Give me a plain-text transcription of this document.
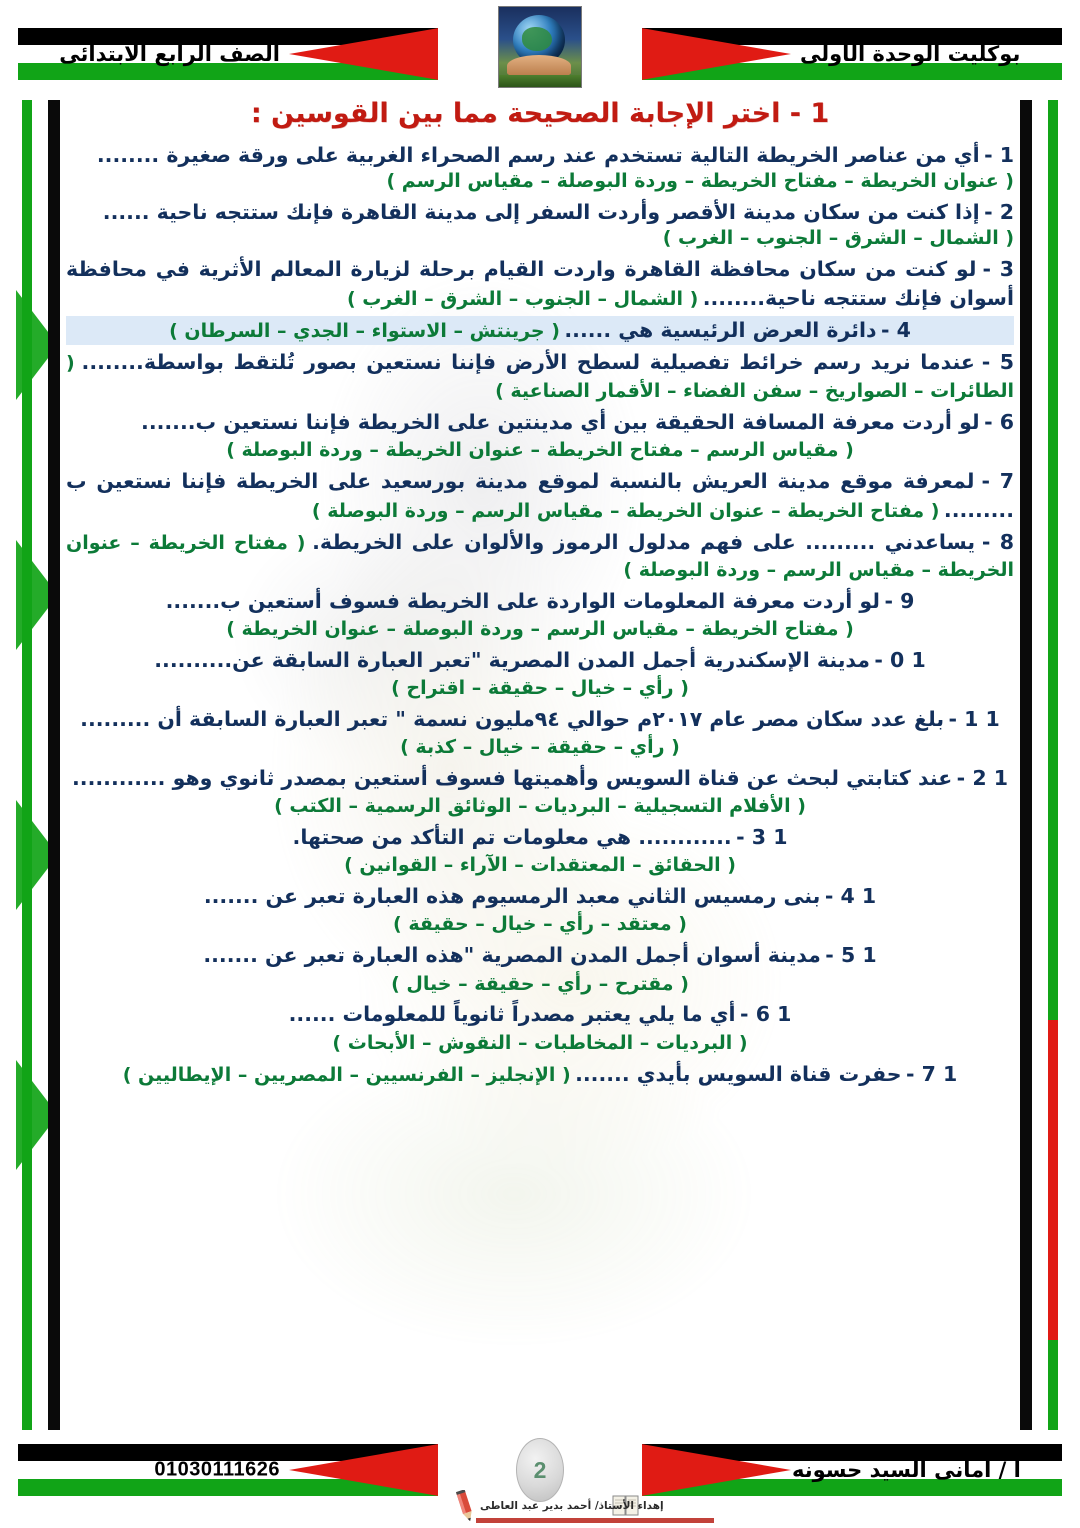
الصف الرابع الابتدائى	بوكليت الوحدة الأولى
1 - اختر الإجابة الصحيحة مما بين القوسين :
1 - أي من عناصر الخريطة التالية تستخدم عند رسم الصحراء الغربية على ورقة صغيرة ........
( عنوان الخريطة – مفتاح الخريطة – وردة البوصلة – مقياس الرسم )
2 - إذا كنت من سكان مدينة الأقصر وأردت السفر إلى مدينة القاهرة فإنك ستتجه ناحية ......
( الشمال – الشرق – الجنوب – الغرب )
3 - لو كنت من سكان محافظة القاهرة واردت القيام برحلة لزيارة المعالم الأثرية في محافظة أسوان فإنك ستتجه ناحية........ ( الشمال – الجنوب – الشرق – الغرب )
4 - دائرة العرض الرئيسية هي ...... ( جرينتش – الاستواء – الجدي – السرطان )
5 - عندما نريد رسم خرائط تفصيلية لسطح الأرض فإننا نستعين بصور تُلتقط بواسطة........ ( الطائرات – الصواريخ – سفن الفضاء – الأقمار الصناعية )
6 - لو أردت معرفة المسافة الحقيقة بين أي مدينتين على الخريطة فإننا نستعين ب.......
( مقياس الرسم – مفتاح الخريطة – عنوان الخريطة – وردة البوصلة )
7 - لمعرفة موقع مدينة العريش بالنسبة لموقع مدينة بورسعيد على الخريطة فإننا نستعين ب ......... ( مفتاح الخريطة – عنوان الخريطة – مقياس الرسم – وردة البوصلة )
8 - يساعدني ......... على فهم مدلول الرموز والألوان على الخريطة. ( مفتاح الخريطة – عنوان الخريطة – مقياس الرسم – وردة البوصلة )
9 - لو أردت معرفة المعلومات الواردة على الخريطة فسوف أستعين ب.......
( مفتاح الخريطة – مقياس الرسم – وردة البوصلة – عنوان الخريطة )
1 0 - مدينة الإسكندرية أجمل المدن المصرية "تعبر العبارة السابقة عن..........
( رأي – خيال – حقيقة – اقتراح )
1 1 - بلغ عدد سكان مصر عام ٢٠١٧م حوالي ٩٤مليون نسمة " تعبر العبارة السابقة أن .........
( رأي – حقيقة – خيال – كذبة )
1 2 - عند كتابتي لبحث عن قناة السويس وأهميتها فسوف أستعين بمصدر ثانوي وهو ............
( الأفلام التسجيلية – البرديات – الوثائق الرسمية – الكتب )
1 3 - ............ هي معلومات تم التأكد من صحتها.
( الحقائق – المعتقدات – الآراء – القوانين )
1 4 - بنى رمسيس الثاني معبد الرمسيوم هذه العبارة تعبر عن .......
( معتقد – رأي – خيال – حقيقة )
1 5 - مدينة أسوان أجمل المدن المصرية "هذه العبارة تعبر عن .......
( مقترح – رأي – حقيقة – خيال )
1 6 - أي ما يلي يعتبر مصدراً ثانوياً للمعلومات ......
( البرديات – المخاطبات – النقوش – الأبحاث )
1 7 - حفرت قناة السويس بأيدي ....... ( الإنجليز – الفرنسيين – المصريين – الإيطاليين )
01030111626	أ / أمانى السيد حسونه
2
إهداء الأستاذ/ أحمد بدير عبد العاطى
